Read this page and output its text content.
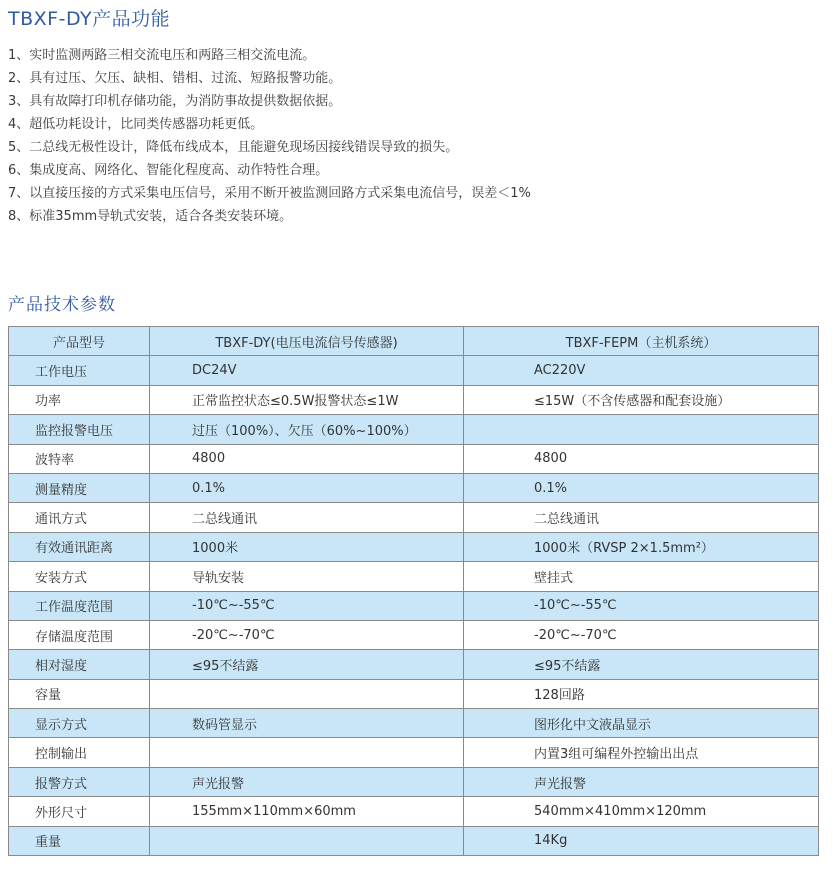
TBXF-DY产品功能
1、实时监测两路三相交流电压和两路三相交流电流。
2、具有过压、欠压、缺相、错相、过流、短路报警功能。
3、具有故障打印机存储功能，为消防事故提供数据依据。
4、超低功耗设计，比同类传感器功耗更低。
5、二总线无极性设计，降低布线成本，且能避免现场因接线错误导致的损失。
6、集成度高、网络化、智能化程度高、动作特性合理。
7、以直接压接的方式采集电压信号，采用不断开被监测回路方式采集电流信号，误差＜1%
8、标准35mm导轨式安装，适合各类安装环境。
产品技术参数
产品型号	TBXF-DY(电压电流信号传感器)	TBXF-FEPM（主机系统）
工作电压	DC24V	AC220V
功率	正常监控状态≤0.5W报警状态≤1W	≤15W（不含传感器和配套设施）
监控报警电压	过压（100%）、欠压（60%~100%）	
波特率	4800	4800
测量精度	0.1%	0.1%
通讯方式	二总线通讯	二总线通讯
有效通讯距离	1000米	1000米（RVSP 2×1.5mm²）
安装方式	导轨安装	壁挂式
工作温度范围	-10℃~-55℃	-10℃~-55℃
存储温度范围	-20℃~-70℃	-20℃~-70℃
相对湿度	≤95不结露	≤95不结露
容量		128回路
显示方式	数码管显示	图形化中文液晶显示
控制输出		内置3组可编程外控输出出点
报警方式	声光报警	声光报警
外形尺寸	155mm×110mm×60mm	540mm×410mm×120mm
重量		14Kg
